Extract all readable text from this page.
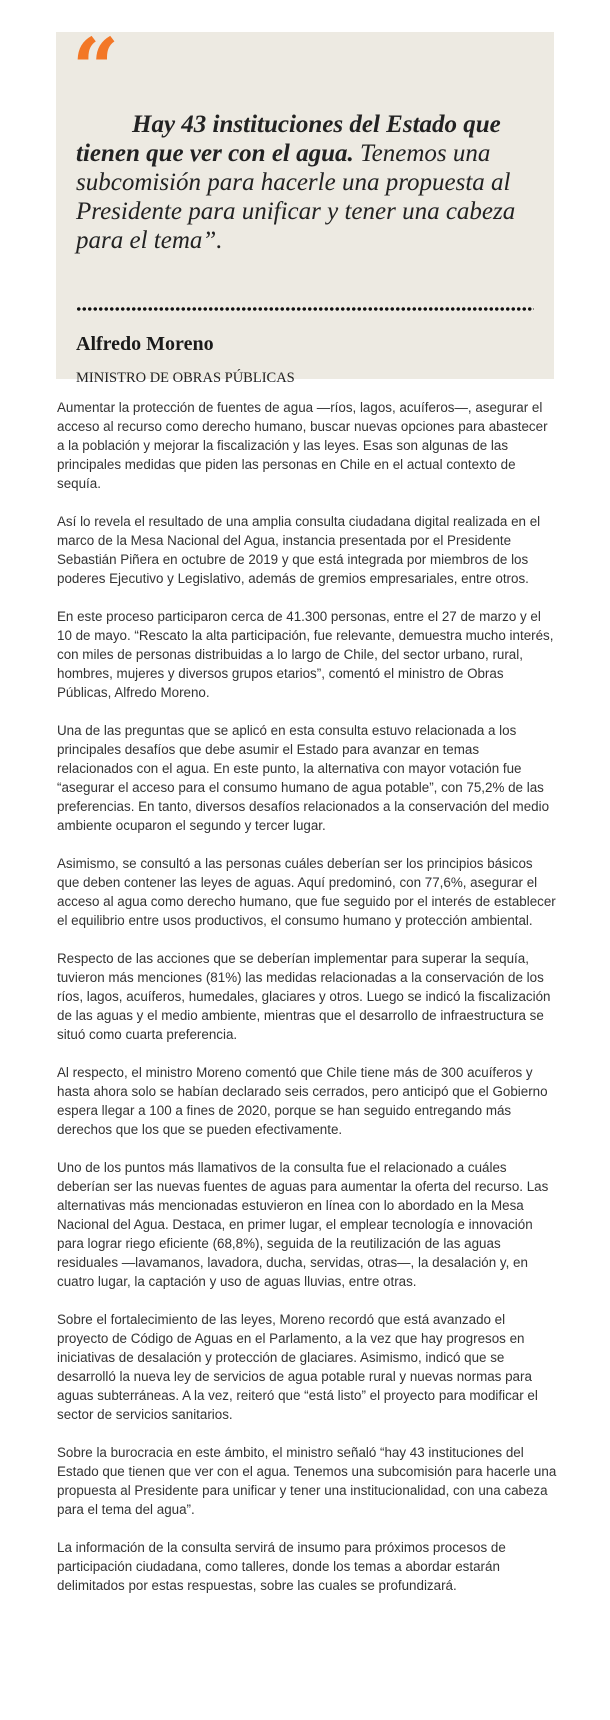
“

Hay 43 instituciones del Estado que tienen que ver con el agua. Tenemos una subcomisión para hacerle una propuesta al Presidente para unificar y tener una cabeza para el tema”.

Alfredo Moreno

MINISTRO DE OBRAS PÚBLICAS

Aumentar la protección de fuentes de agua —ríos, lagos, acuíferos—, asegurar el acceso al recurso como derecho humano, buscar nuevas opciones para abastecer a la población y mejorar la fiscalización y las leyes. Esas son algunas de las principales medidas que piden las personas en Chile en el actual contexto de sequía.

Así lo revela el resultado de una amplia consulta ciudadana digital realizada en el marco de la Mesa Nacional del Agua, instancia presentada por el Presidente Sebastián Piñera en octubre de 2019 y que está integrada por miembros de los poderes Ejecutivo y Legislativo, además de gremios empresariales, entre otros.

En este proceso participaron cerca de 41.300 personas, entre el 27 de marzo y el 10 de mayo. “Rescato la alta participación, fue relevante, demuestra mucho interés, con miles de personas distribuidas a lo largo de Chile, del sector urbano, rural, hombres, mujeres y diversos grupos etarios”, comentó el ministro de Obras Públicas, Alfredo Moreno.

Una de las preguntas que se aplicó en esta consulta estuvo relacionada a los principales desafíos que debe asumir el Estado para avanzar en temas relacionados con el agua. En este punto, la alternativa con mayor votación fue “asegurar el acceso para el consumo humano de agua potable”, con 75,2% de las preferencias. En tanto, diversos desafíos relacionados a la conservación del medio ambiente ocuparon el segundo y tercer lugar.

Asimismo, se consultó a las personas cuáles deberían ser los principios básicos que deben contener las leyes de aguas. Aquí predominó, con 77,6%, asegurar el acceso al agua como derecho humano, que fue seguido por el interés de establecer el equilibrio entre usos productivos, el consumo humano y protección ambiental.

Respecto de las acciones que se deberían implementar para superar la sequía, tuvieron más menciones (81%) las medidas relacionadas a la conservación de los ríos, lagos, acuíferos, humedales, glaciares y otros. Luego se indicó la fiscalización de las aguas y el medio ambiente, mientras que el desarrollo de infraestructura se situó como cuarta preferencia.

Al respecto, el ministro Moreno comentó que Chile tiene más de 300 acuíferos y hasta ahora solo se habían declarado seis cerrados, pero anticipó que el Gobierno espera llegar a 100 a fines de 2020, porque se han seguido entregando más derechos que los que se pueden efectivamente.

Uno de los puntos más llamativos de la consulta fue el relacionado a cuáles deberían ser las nuevas fuentes de aguas para aumentar la oferta del recurso. Las alternativas más mencionadas estuvieron en línea con lo abordado en la Mesa Nacional del Agua. Destaca, en primer lugar, el emplear tecnología e innovación para lograr riego eficiente (68,8%), seguida de la reutilización de las aguas residuales —lavamanos, lavadora, ducha, servidas, otras—, la desalación y, en cuatro lugar, la captación y uso de aguas lluvias, entre otras.

Sobre el fortalecimiento de las leyes, Moreno recordó que está avanzado el proyecto de Código de Aguas en el Parlamento, a la vez que hay progresos en iniciativas de desalación y protección de glaciares. Asimismo, indicó que se desarrolló la nueva ley de servicios de agua potable rural y nuevas normas para aguas subterráneas. A la vez, reiteró que “está listo” el proyecto para modificar el sector de servicios sanitarios.

Sobre la burocracia en este ámbito, el ministro señaló “hay 43 instituciones del Estado que tienen que ver con el agua. Tenemos una subcomisión para hacerle una propuesta al Presidente para unificar y tener una institucionalidad, con una cabeza para el tema del agua”.

La información de la consulta servirá de insumo para próximos procesos de participación ciudadana, como talleres, donde los temas a abordar estarán delimitados por estas respuestas, sobre las cuales se profundizará.
